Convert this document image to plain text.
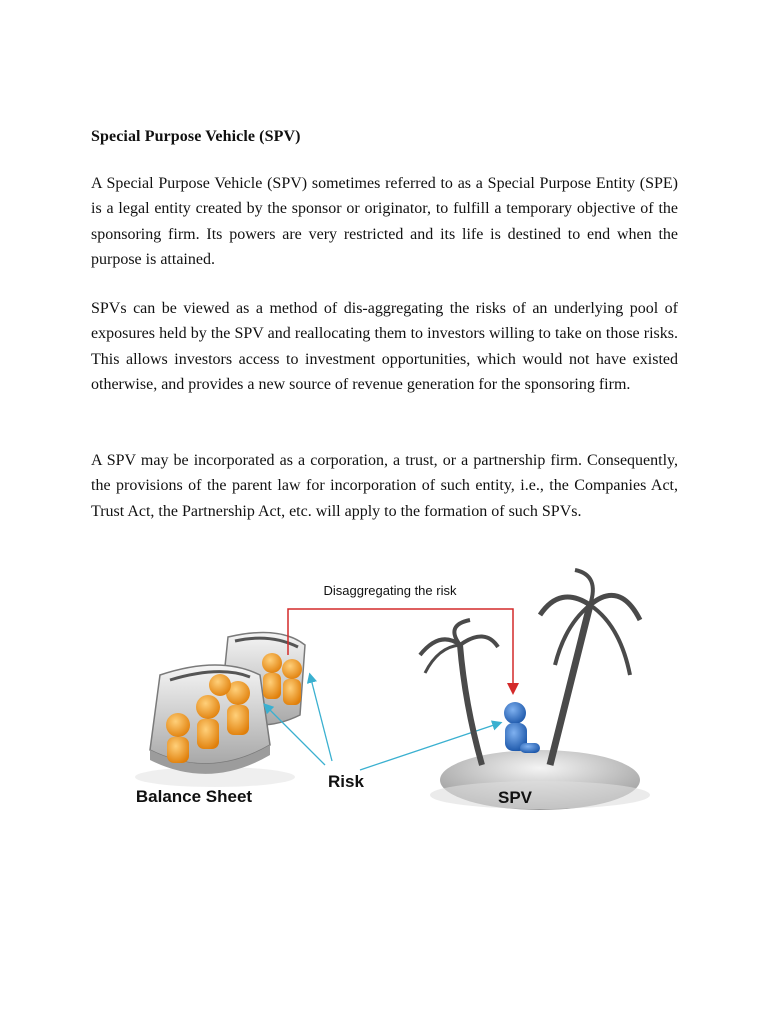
Special Purpose Vehicle (SPV)

A Special Purpose Vehicle (SPV) sometimes referred to as a Special Purpose Entity (SPE) is a legal entity created by the sponsor or originator, to fulfill a temporary objective of the sponsoring firm. Its powers are very restricted and its life is destined to end when the purpose is attained.

SPVs can be viewed as a method of dis-aggregating the risks of an underlying pool of exposures held by the SPV and reallocating them to investors willing to take on those risks. This allows investors access to investment opportunities, which would not have existed otherwise, and provides a new source of revenue generation for the sponsoring firm.

A SPV may be incorporated as a corporation, a trust, or a partnership firm. Consequently, the provisions of the parent law for incorporation of such entity, i.e., the Companies Act, Trust Act, the Partnership Act, etc. will apply to the formation of such SPVs.

Disaggregating the risk
Balance Sheet
Risk
SPV
